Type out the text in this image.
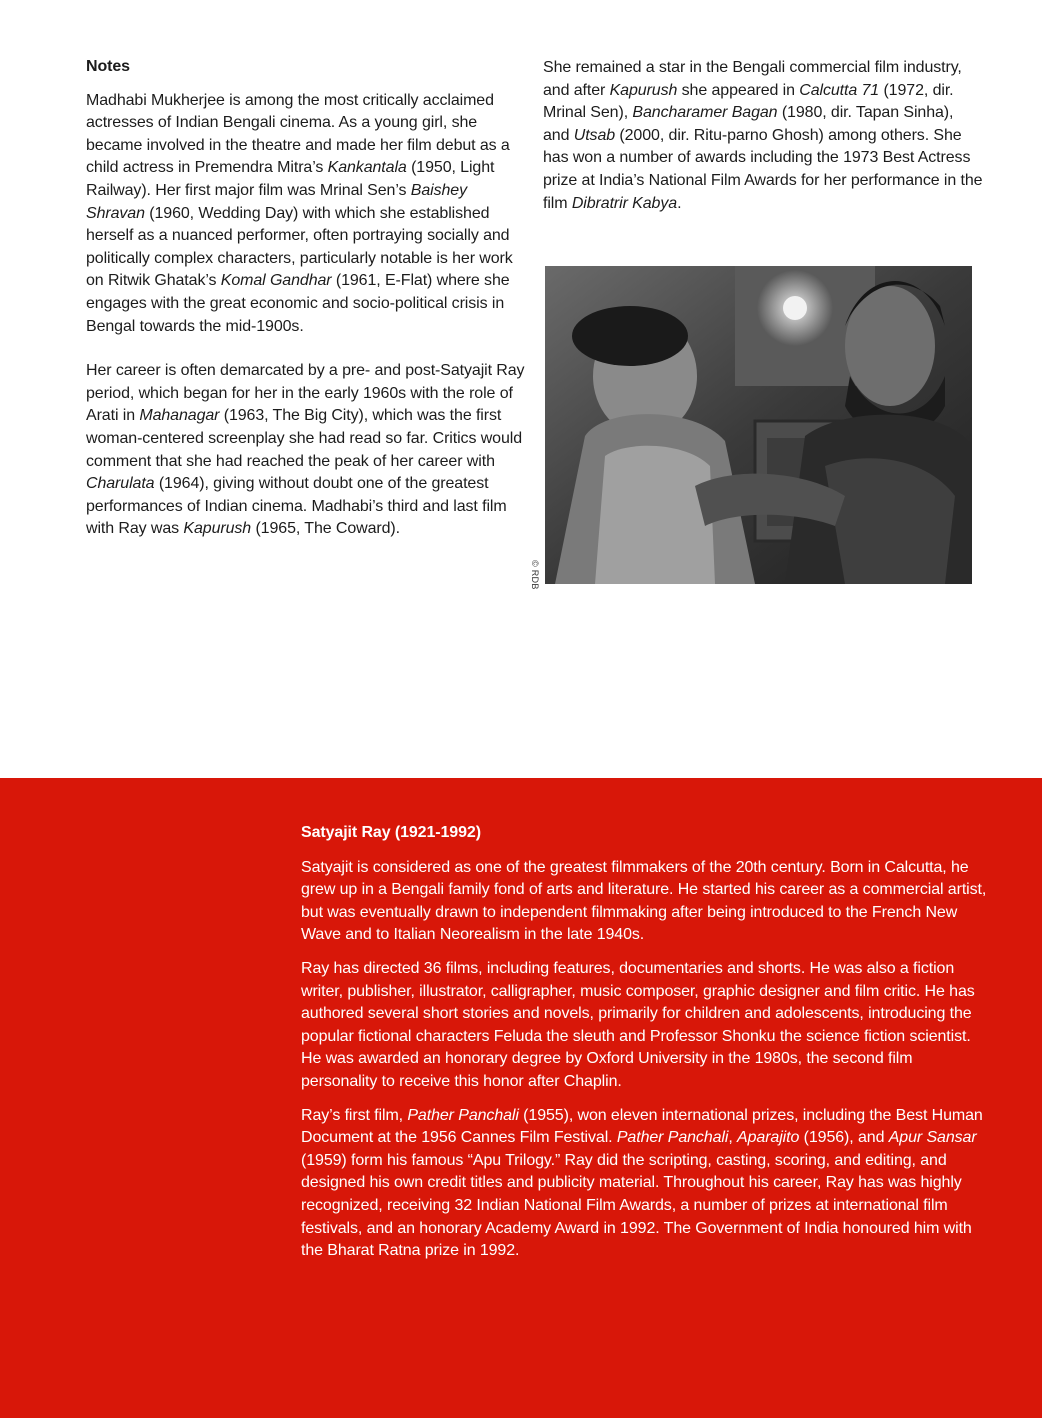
Notes

Madhabi Mukherjee is among the most critically acclaimed actresses of Indian Bengali cinema. As a young girl, she became involved in the theatre and made her film debut as a child actress in Premendra Mitra’s Kankantala (1950, Light Railway). Her first major film was Mrinal Sen’s Baishey Shravan (1960, Wedding Day) with which she established herself as a nuanced performer, often portraying socially and politically complex characters, particularly notable is her work on Ritwik Ghatak’s Komal Gandhar (1961, E-Flat) where she engages with the great economic and socio-political crisis in Bengal towards the mid-1900s.

Her career is often demarcated by a pre- and post-Satyajit Ray period, which began for her in the early 1960s with the role of Arati in Mahanagar (1963, The Big City), which was the first woman-centered screenplay she had read so far. Critics would comment that she had reached the peak of her career with Charulata (1964), giving without doubt one of the greatest performances of Indian cinema. Madhabi’s third and last film with Ray was Kapurush (1965, The Coward).

She remained a star in the Bengali commercial film industry, and after Kapurush she appeared in Calcutta 71 (1972, dir. Mrinal Sen), Bancharamer Bagan (1980, dir. Tapan Sinha), and Utsab (2000, dir. Ritu-parno Ghosh) among others. She has won a number of awards including the 1973 Best Actress prize at India’s National Film Awards for her performance in the film Dibratrir Kabya.

© RDB
Satyajit Ray (1921-1992)

Satyajit is considered as one of the greatest filmmakers of the 20th century. Born in Calcutta, he grew up in a Bengali family fond of arts and literature. He started his career as a commercial artist, but was eventually drawn to independent filmmaking after being introduced to the French New Wave and to Italian Neorealism in the late 1940s.

Ray has directed 36 films, including features, documentaries and shorts. He was also a fiction writer, publisher, illustrator, calligrapher, music composer, graphic designer and film critic. He has authored several short stories and novels, primarily for children and adolescents, introducing the popular fictional characters Feluda the sleuth and Professor Shonku the science fiction scientist. He was awarded an honorary degree by Oxford University in the 1980s, the second film personality to receive this honor after Chaplin.

Ray’s first film, Pather Panchali (1955), won eleven international prizes, including the Best Human Document at the 1956 Cannes Film Festival. Pather Panchali, Aparajito (1956), and Apur Sansar (1959) form his famous “Apu Trilogy.” Ray did the scripting, casting, scoring, and editing, and designed his own credit titles and publicity material. Throughout his career, Ray has was highly recognized, receiving 32 Indian National Film Awards, a number of prizes at international film festivals, and an honorary Academy Award in 1992. The Government of India honoured him with the Bharat Ratna prize in 1992.
